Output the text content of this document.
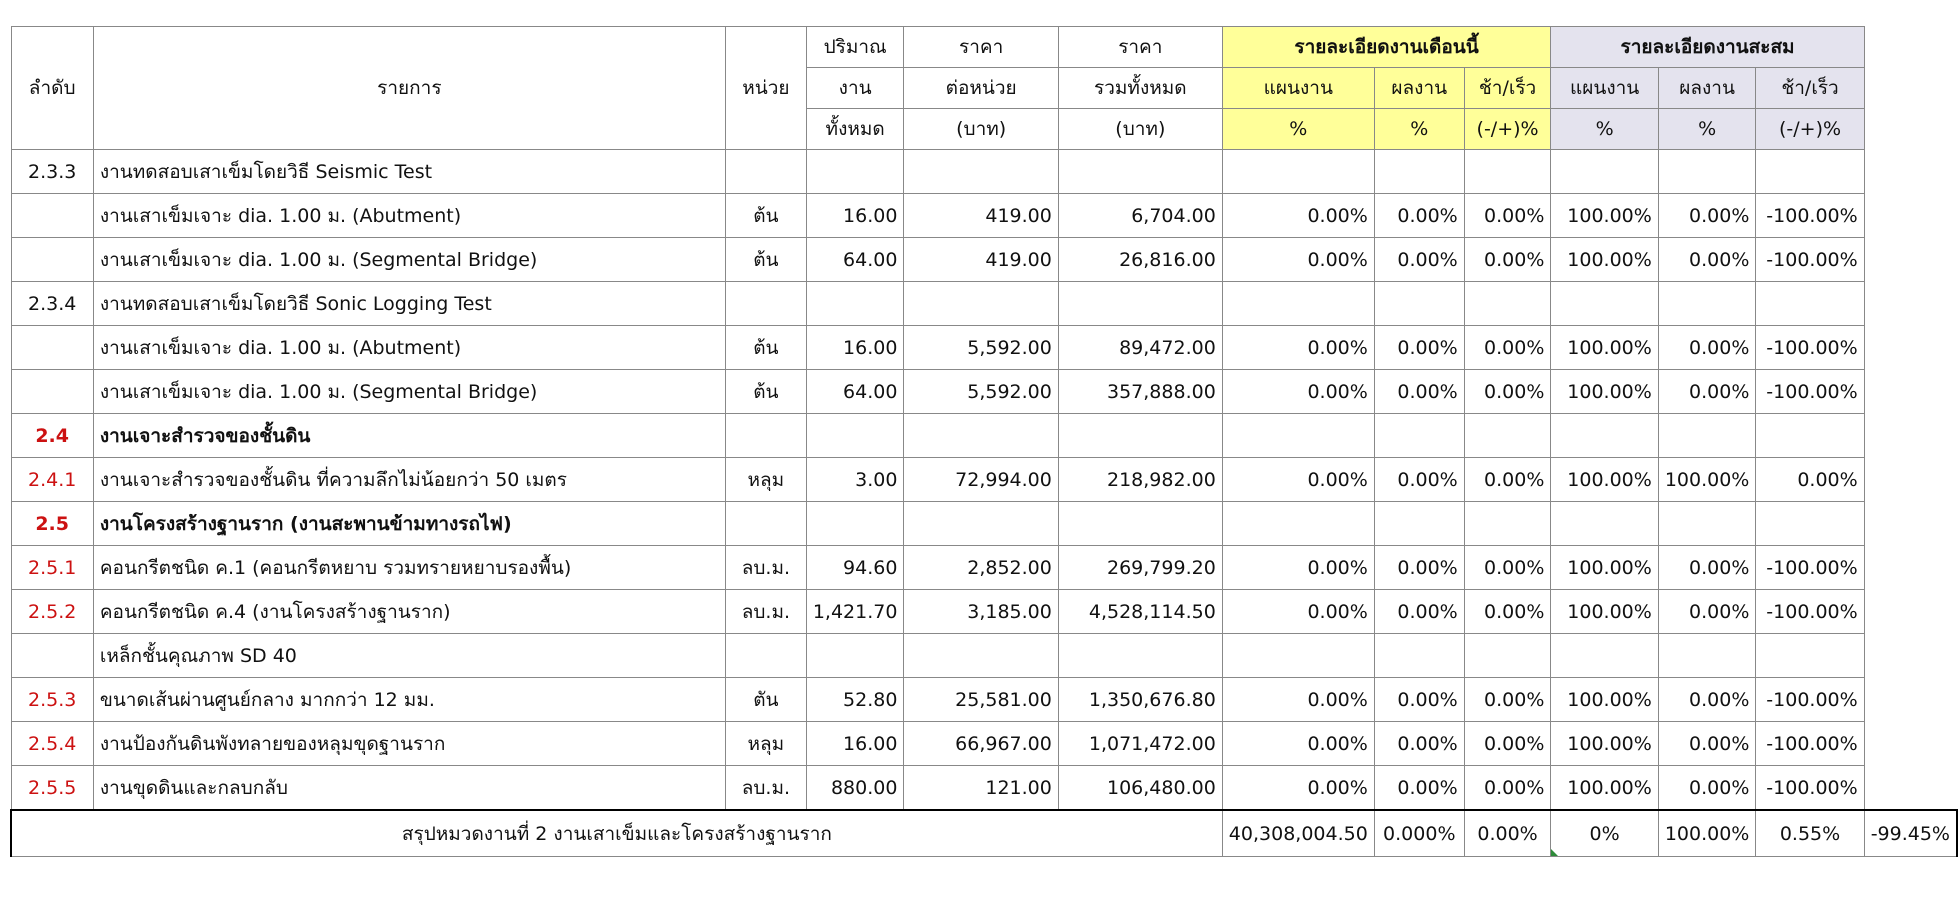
ลำดับ	รายการ	หน่วย	ปริมาณ	ราคา	ราคา	รายละเอียดงานเดือนนี้			รายละเอียดงานสะสม			
			งาน	ต่อหน่วย	รวมทั้งหมด	แผนงาน	ผลงาน	ช้า/เร็ว	แผนงาน	ผลงาน	ช้า/เร็ว	
			ทั้งหมด	(บาท)	(บาท)	%	%	(-/+)%	%	%	(-/+)%	
2.3.3	งานทดสอบเสาเข็มโดยวิธี Seismic Test											
	งานเสาเข็มเจาะ dia. 1.00 ม. (Abutment)	ต้น	16.00	419.00	6,704.00	0.00%	0.00%	0.00%	100.00%	0.00%	-100.00%	
	งานเสาเข็มเจาะ dia. 1.00 ม. (Segmental Bridge)	ต้น	64.00	419.00	26,816.00	0.00%	0.00%	0.00%	100.00%	0.00%	-100.00%	
2.3.4	งานทดสอบเสาเข็มโดยวิธี Sonic Logging Test											
	งานเสาเข็มเจาะ dia. 1.00 ม. (Abutment)	ต้น	16.00	5,592.00	89,472.00	0.00%	0.00%	0.00%	100.00%	0.00%	-100.00%	
	งานเสาเข็มเจาะ dia. 1.00 ม. (Segmental Bridge)	ต้น	64.00	5,592.00	357,888.00	0.00%	0.00%	0.00%	100.00%	0.00%	-100.00%	
2.4	งานเจาะสำรวจของชั้นดิน											
2.4.1	งานเจาะสำรวจของชั้นดิน ที่ความลึกไม่น้อยกว่า 50 เมตร	หลุม	3.00	72,994.00	218,982.00	0.00%	0.00%	0.00%	100.00%	100.00%	0.00%	
2.5	งานโครงสร้างฐานราก (งานสะพานข้ามทางรถไฟ)											
2.5.1	คอนกรีตชนิด ค.1 (คอนกรีตหยาบ รวมทรายหยาบรองพื้น)	ลบ.ม.	94.60	2,852.00	269,799.20	0.00%	0.00%	0.00%	100.00%	0.00%	-100.00%	
2.5.2	คอนกรีตชนิด ค.4 (งานโครงสร้างฐานราก)	ลบ.ม.	1,421.70	3,185.00	4,528,114.50	0.00%	0.00%	0.00%	100.00%	0.00%	-100.00%	
	เหล็กชั้นคุณภาพ SD 40											
2.5.3	ขนาดเส้นผ่านศูนย์กลาง มากกว่า 12 มม.	ตัน	52.80	25,581.00	1,350,676.80	0.00%	0.00%	0.00%	100.00%	0.00%	-100.00%	
2.5.4	งานป้องกันดินพังทลายของหลุมขุดฐานราก	หลุม	16.00	66,967.00	1,071,472.00	0.00%	0.00%	0.00%	100.00%	0.00%	-100.00%	
2.5.5	งานขุดดินและกลบกลับ	ลบ.ม.	880.00	121.00	106,480.00	0.00%	0.00%	0.00%	100.00%	0.00%	-100.00%	
สรุปหมวดงานที่ 2 งานเสาเข็มและโครงสร้างฐานราก						40,308,004.50	0.000%	0.00%	0%	100.00%	0.55%	-99.45%
